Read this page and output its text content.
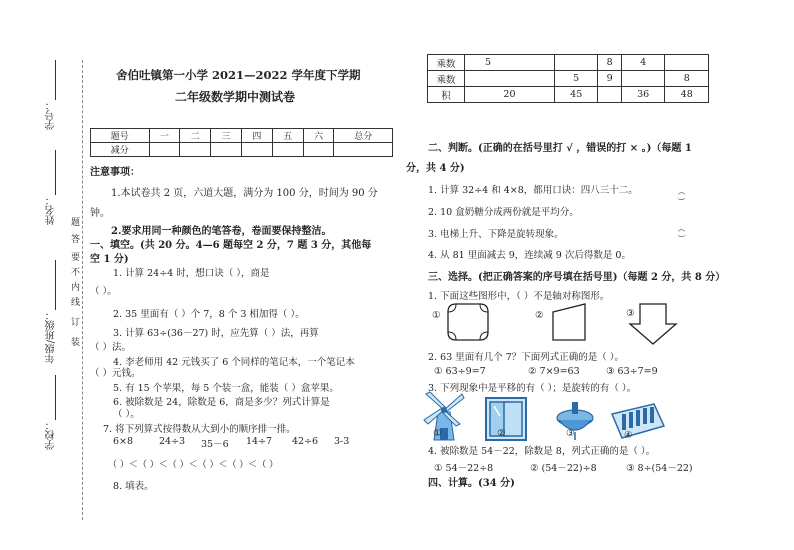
学号：
姓名：
年级/班级：
学校：
装
订
线
内
不
要
答
题
舍伯吐镇第一小学 2021—2022 学年度下学期
二年级数学期中测试卷
题号	一	二	三	四	五	六	总分
减分							
注意事项：
1.本试卷共 2 页，六道大题，满分为 100 分，时间为 90 分
钟。
2.要求用同一种颜色的笔答卷，卷面要保持整洁。
一、填空。(共 20 分。4—6 题每空 2 分，7 题 3 分，其他每
空 1 分)
1. 计算 24÷4 时，想口诀（ ），商是
（ ）。
2. 35 里面有（ ）个 7，8 个 3 相加得（ ）。
3. 计算 63÷(36－27) 时，应先算（ ）法，再算
（ ）法。
4. 李老师用 42 元钱买了 6 个同样的笔记本，一个笔记本
（ ）元钱。
5. 有 15 个苹果，每 5 个装一盒，能装（ ）盒苹果。
6. 被除数是 24，除数是 6，商是多少？列式计算是
（ ）。
7. 将下列算式按得数从大到小的顺序排一排。
6×8	24÷3 35－6 14÷7 42÷6 3-3
（ ）＜（ ）＜（ ）＜（ ）＜（ ）＜（ ）
8. 填表。
乘数	5		8	4	
乘数		5	9		8
积	20	45		36	48
二、判断。(正确的在括号里打 √ ，错误的打 × 。)（每题 1
分，共 4 分)
1. 计算 32÷4 和 4×8，都用口诀：四八三十二。	（ ）
2. 10 盒奶糖分成两份就是平均分。
3. 电梯上升、下降是旋转现象。	（ ）
4. 从 81 里面减去 9，连续减 9 次后得数是 0。
三、选择。(把正确答案的序号填在括号里)（每题 2 分，共 8 分）
1. 下面这些图形中，（ ）不是轴对称图形。
①	②	③
2. 63 里面有几个 7？下面列式正确的是（ ）。
① 63÷9=7	② 7×9=63	③ 63÷7=9
3. 下列现象中是平移的有（ ）；是旋转的有（ ）。
①	②	③	④
4. 被除数是 54－22，除数是 8，列式正确的是（ ）。
① 54－22÷8	② (54－22)÷8	③ 8÷(54－22)
四、计算。(34 分)
